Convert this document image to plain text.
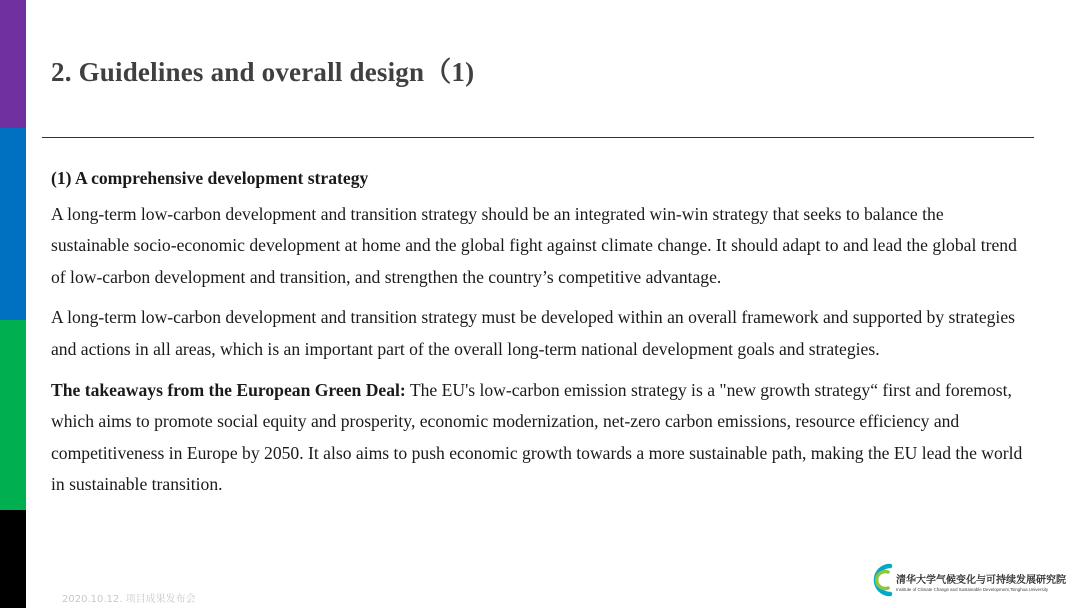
2. Guidelines and overall design（1)

(1) A comprehensive development strategy

A long-term low-carbon development and transition strategy should be an integrated win-win strategy that seeks to balance the sustainable socio-economic development at home and the global fight against climate change. It should adapt to and lead the global trend of low-carbon development and transition, and strengthen the country’s competitive advantage.

A long-term low-carbon development and transition strategy must be developed within an overall framework and supported by strategies and actions in all areas, which is an important part of the overall long-term national development goals and strategies.

The takeaways from the European Green Deal: The EU's low-carbon emission strategy is a "new growth strategy“ first and foremost, which aims to promote social equity and prosperity, economic modernization, net-zero carbon emissions, resource efficiency and competitiveness in Europe by 2050. It also aims to push economic growth towards a more sustainable path, making the EU lead the world in sustainable transition.

2020.10.12. 项目成果发布会
清华大学气候变化与可持续发展研究院
Institute of Climate Change and Sustainable Development,Tsinghua University
